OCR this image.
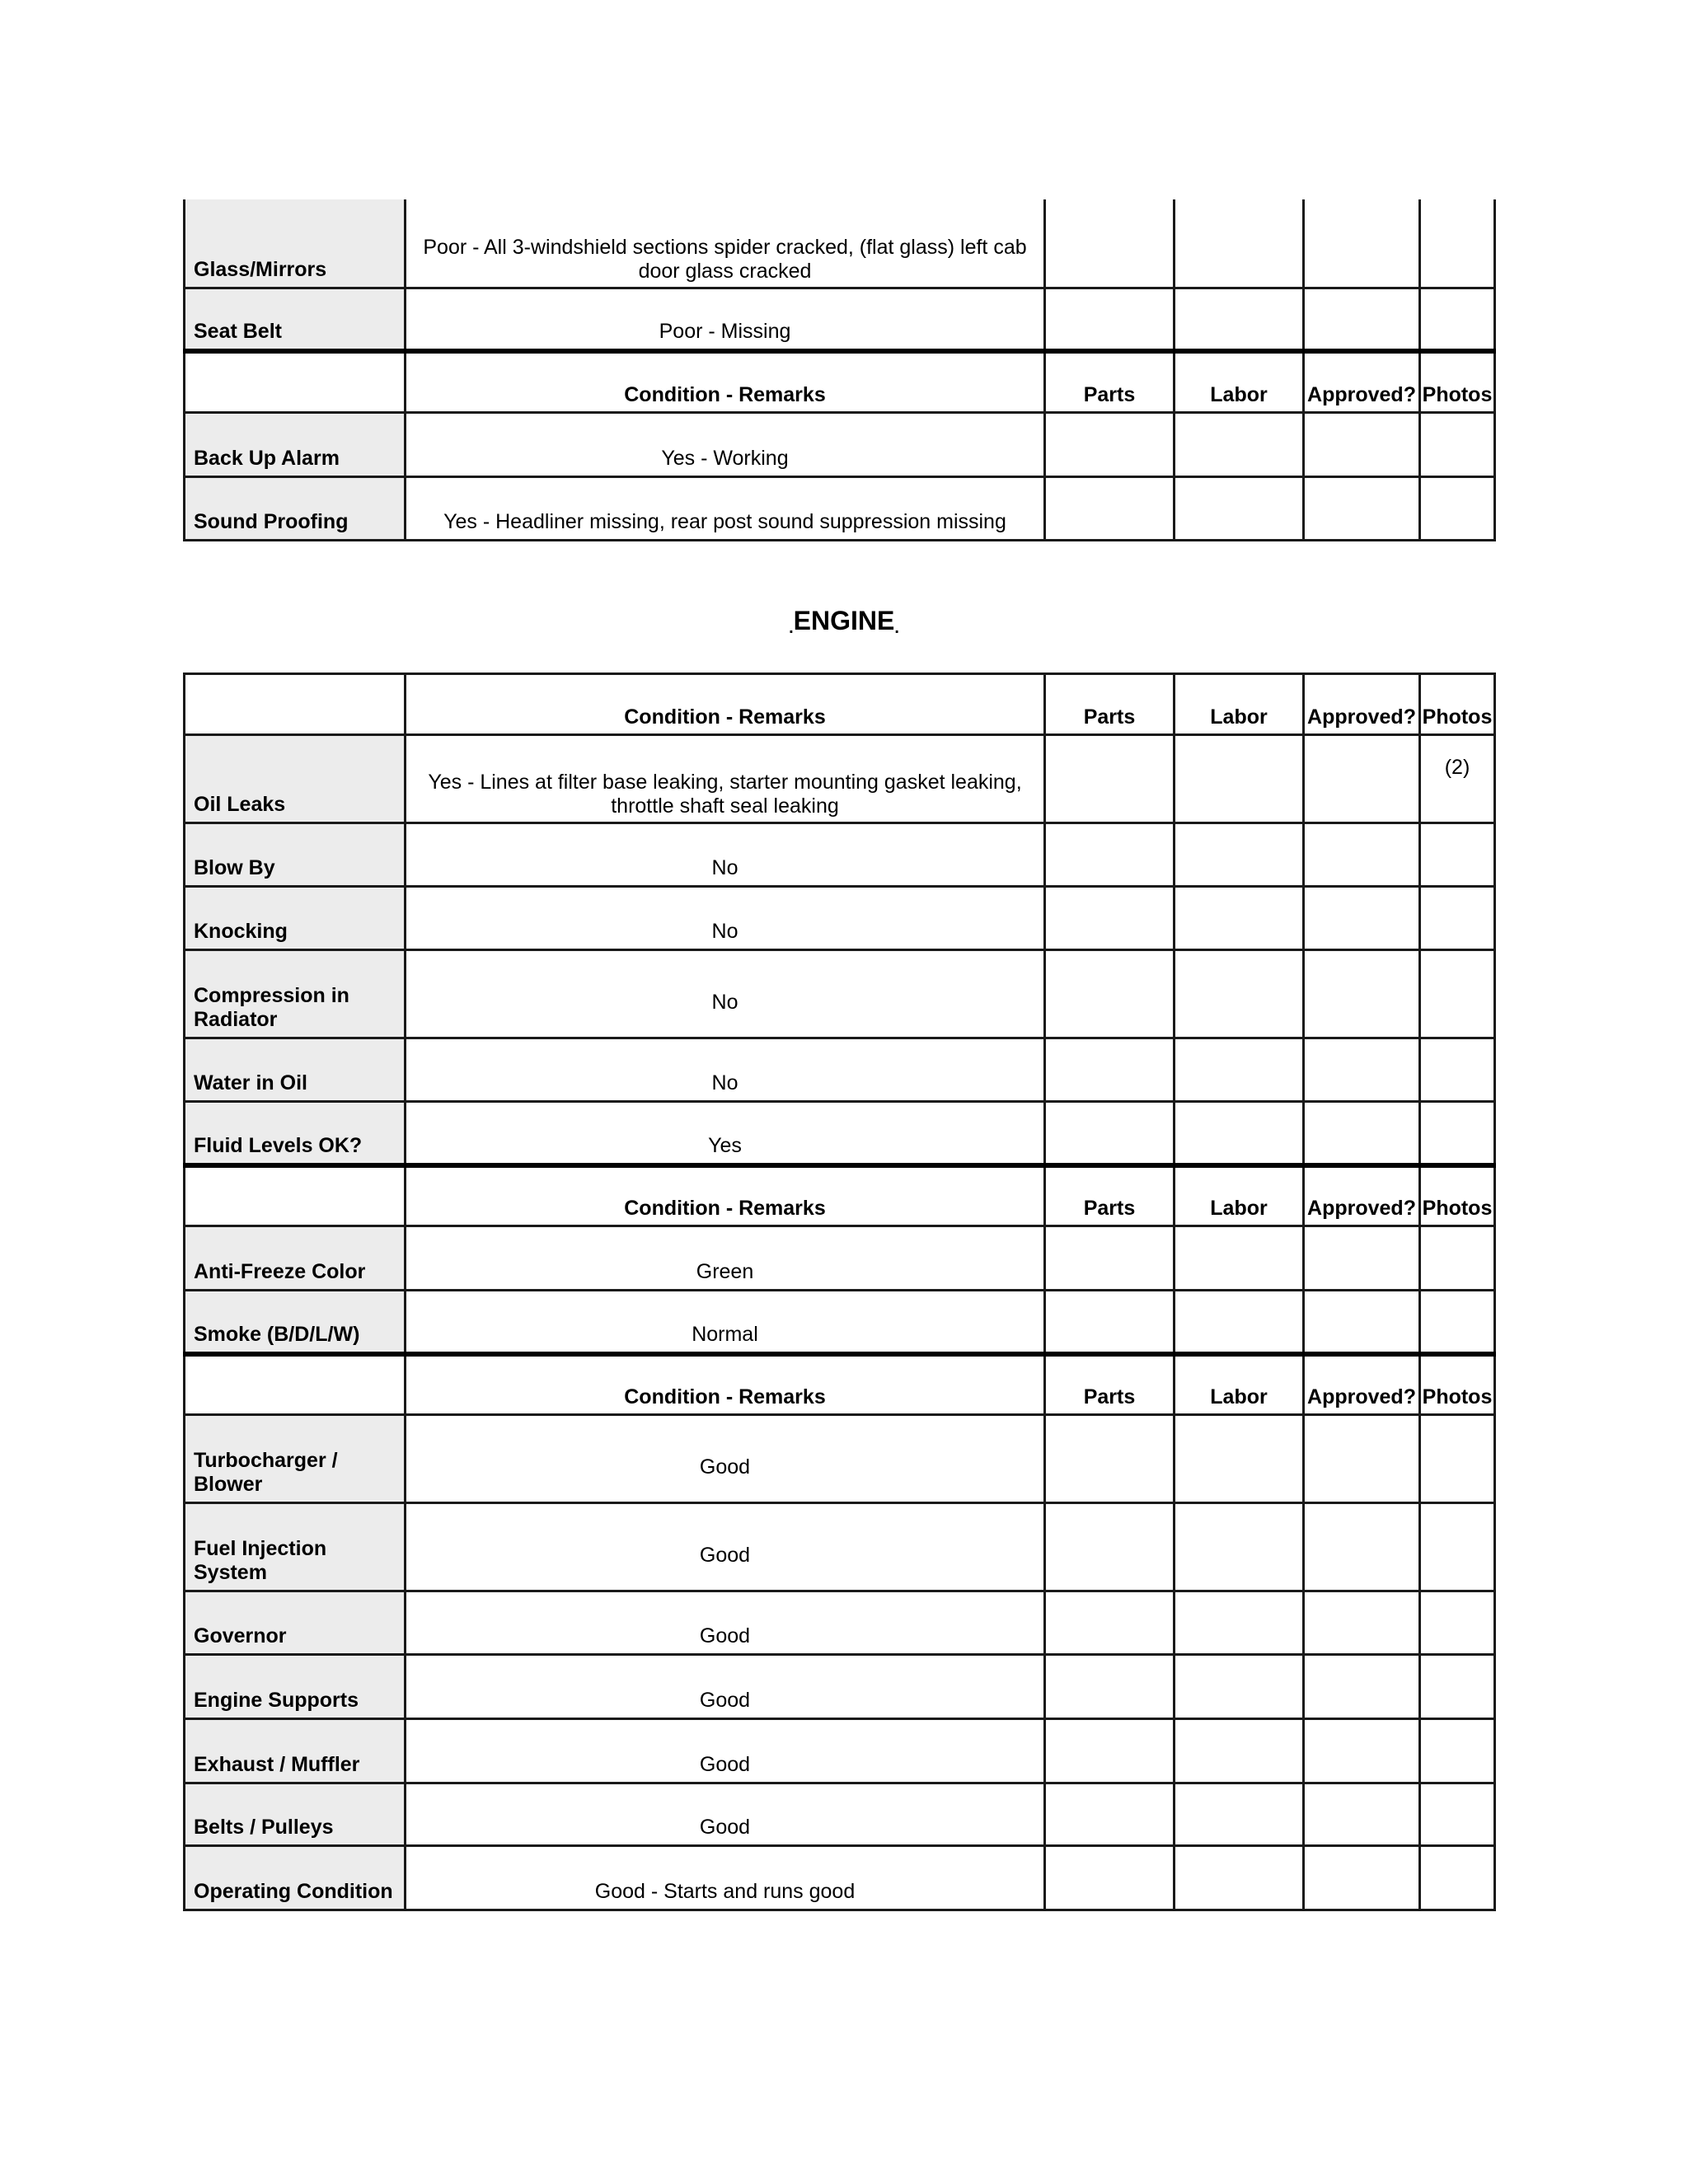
Glass/Mirrors	Poor - All 3-windshield sections spider cracked, (flat glass) left cab door glass cracked				
Seat Belt	Poor - Missing				
	Condition - Remarks	Parts	Labor	Approved?	Photos
Back Up Alarm	Yes - Working				
Sound Proofing	Yes - Headliner missing, rear post sound suppression missing				
.ENGINE.
	Condition - Remarks	Parts	Labor	Approved?	Photos
Oil Leaks	Yes - Lines at filter base leaking, starter mounting gasket leaking, throttle shaft seal leaking				(2)
Blow By	No				
Knocking	No				
Compression in Radiator	No				
Water in Oil	No				
Fluid Levels OK?	Yes				
	Condition - Remarks	Parts	Labor	Approved?	Photos
Anti-Freeze Color	Green				
Smoke (B/D/L/W)	Normal				
	Condition - Remarks	Parts	Labor	Approved?	Photos
Turbocharger / Blower	Good				
Fuel Injection System	Good				
Governor	Good				
Engine Supports	Good				
Exhaust / Muffler	Good				
Belts / Pulleys	Good				
Operating Condition	Good - Starts and runs good				
